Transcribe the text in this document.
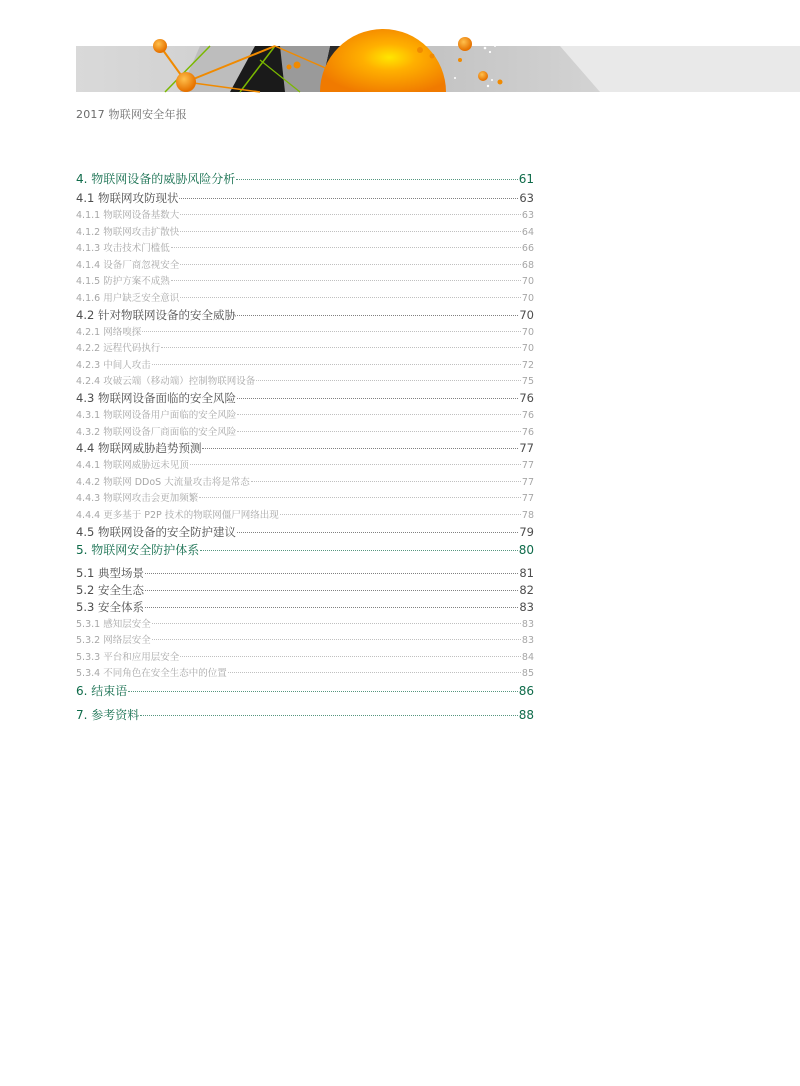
2017 物联网安全年报
4. 物联网设备的威胁风险分析	61
4.1 物联网攻防现状	63
4.1.1 物联网设备基数大	63
4.1.2 物联网攻击扩散快	64
4.1.3 攻击技术门槛低	66
4.1.4 设备厂商忽视安全	68
4.1.5 防护方案不成熟	70
4.1.6 用户缺乏安全意识	70
4.2 针对物联网设备的安全威胁	70
4.2.1 网络嗅探	70
4.2.2 远程代码执行	70
4.2.3 中间人攻击	72
4.2.4 攻破云端（移动端）控制物联网设备	75
4.3 物联网设备面临的安全风险	76
4.3.1 物联网设备用户面临的安全风险	76
4.3.2 物联网设备厂商面临的安全风险	76
4.4 物联网威胁趋势预测	77
4.4.1 物联网威胁远未见顶	77
4.4.2 物联网 DDoS 大流量攻击将是常态	77
4.4.3 物联网攻击会更加频繁	77
4.4.4 更多基于 P2P 技术的物联网僵尸网络出现	78
4.5 物联网设备的安全防护建议	79
5. 物联网安全防护体系	80
5.1 典型场景	81
5.2 安全生态	82
5.3 安全体系	83
5.3.1 感知层安全	83
5.3.2 网络层安全	83
5.3.3 平台和应用层安全	84
5.3.4 不同角色在安全生态中的位置	85
6. 结束语	86
7. 参考资料	88
